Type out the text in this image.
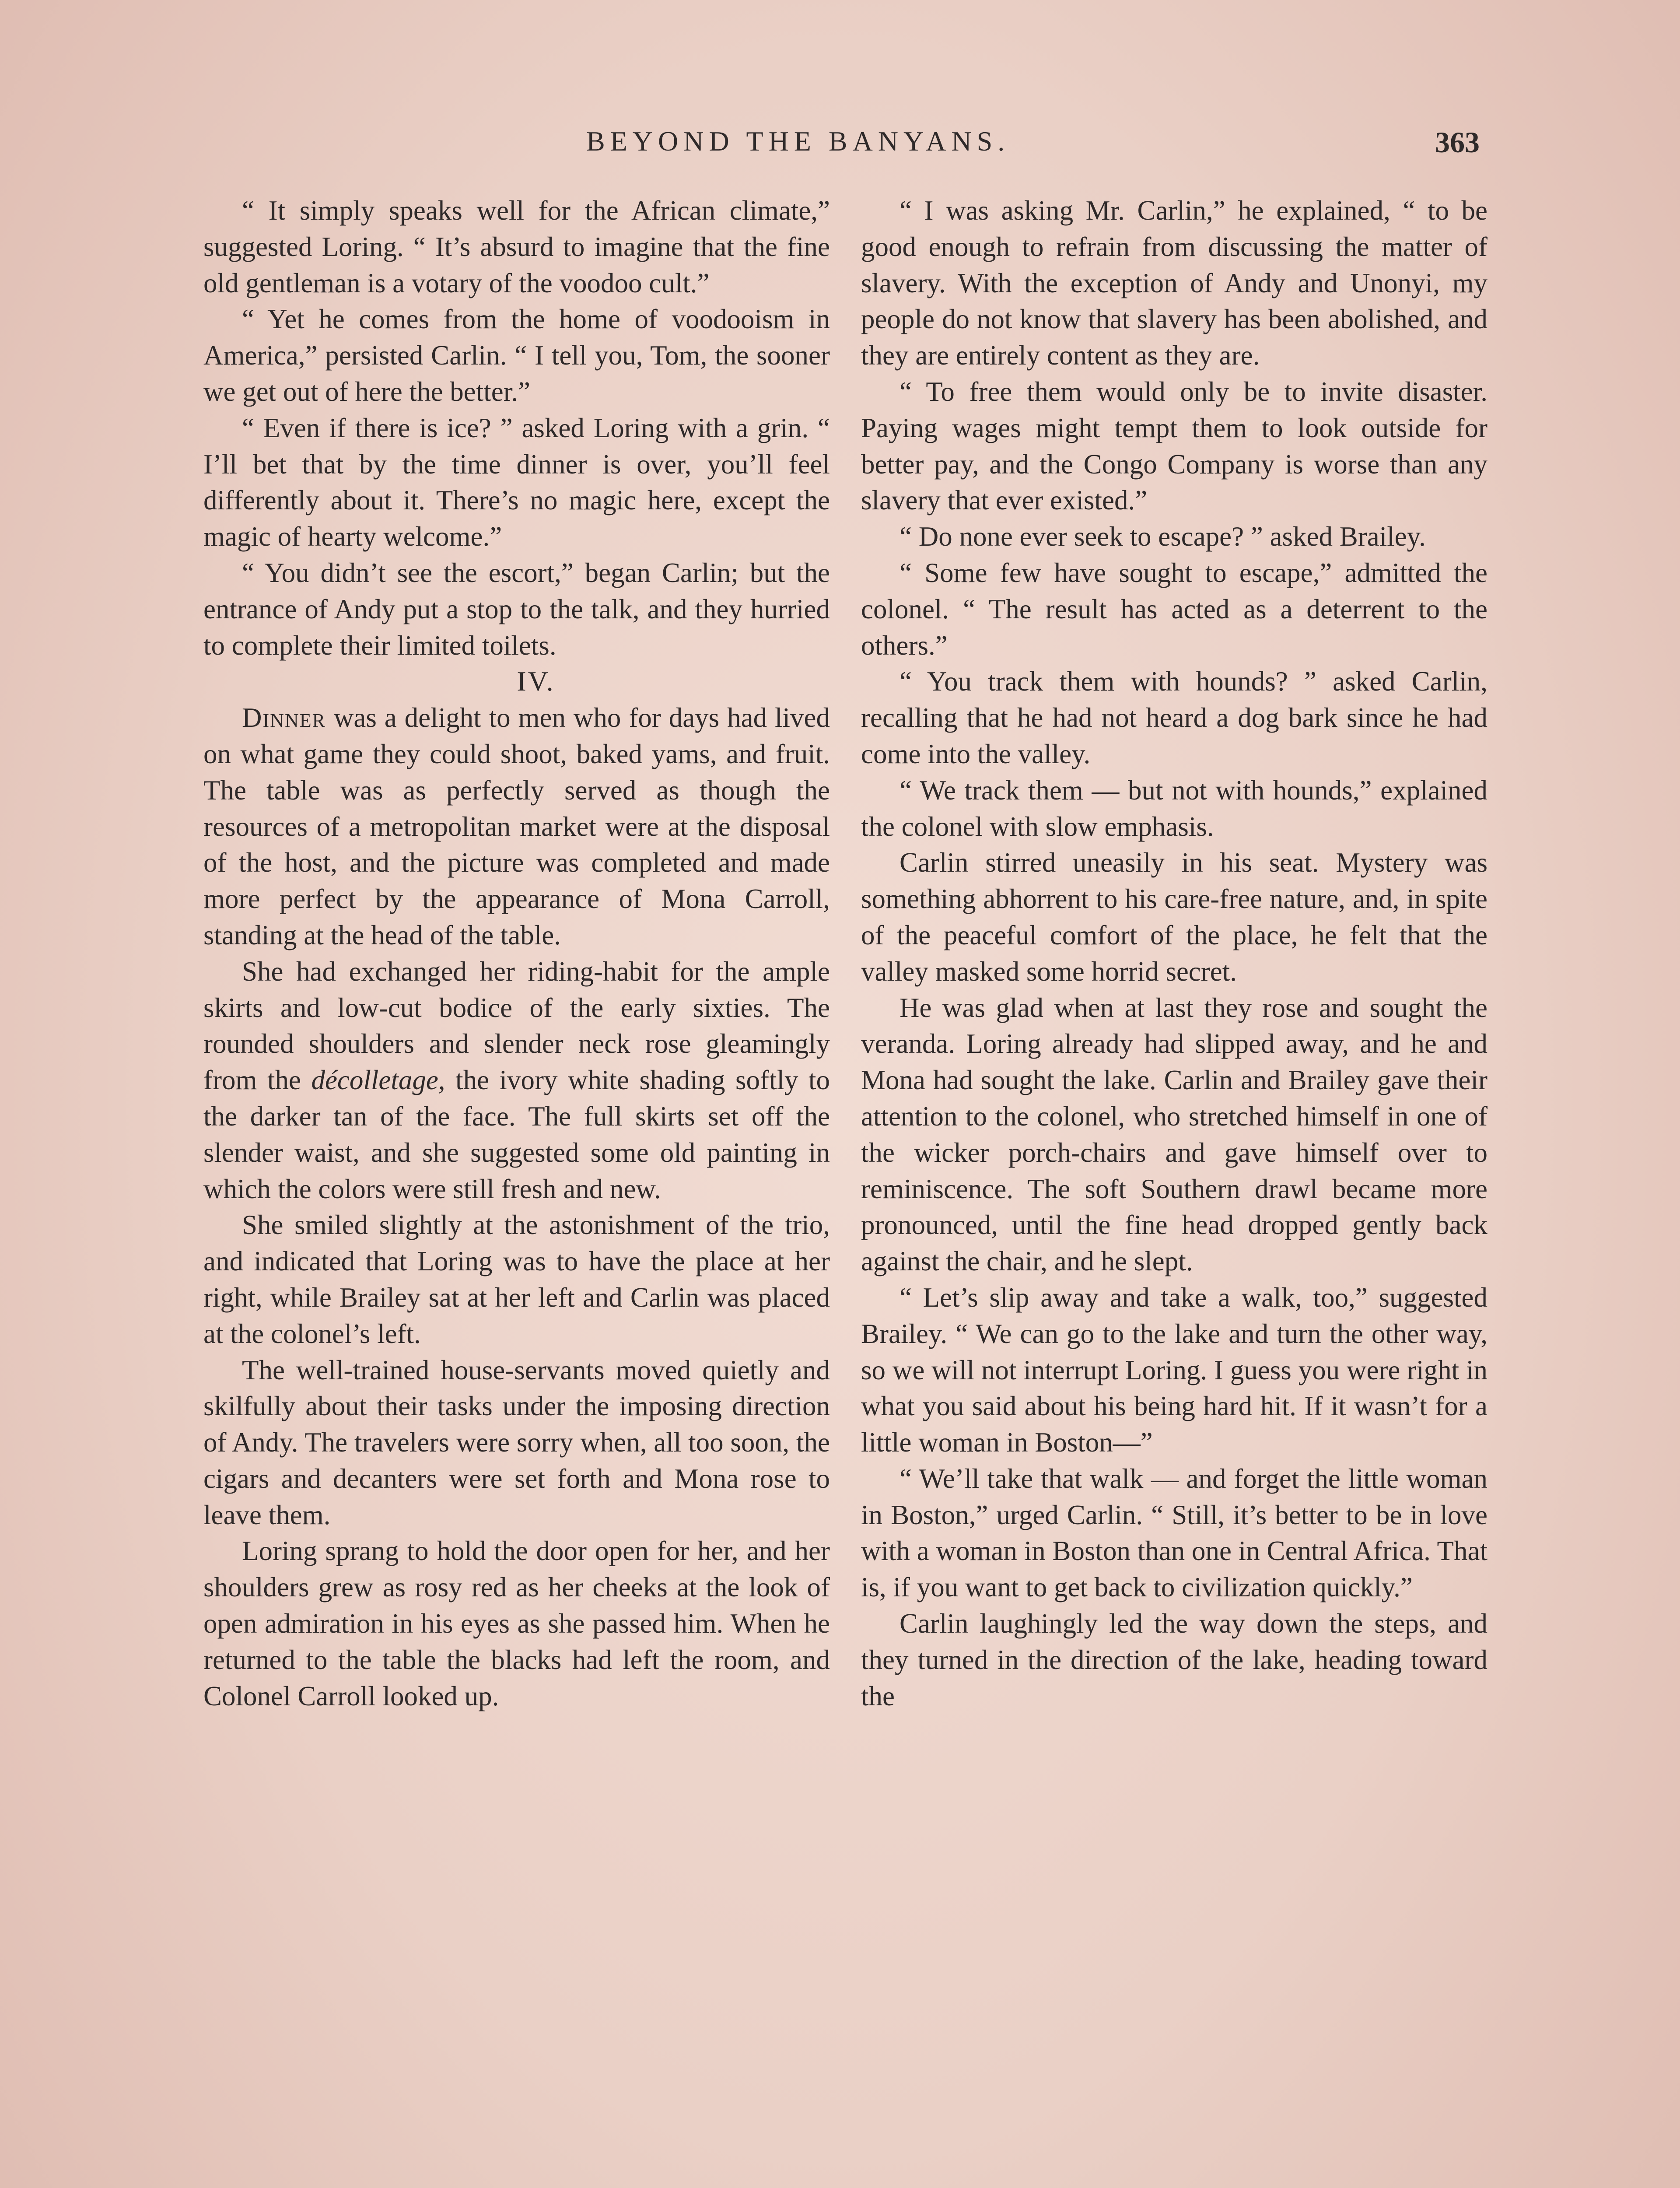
BEYOND THE BANYANS.	363

“ It simply speaks well for the African climate,” suggested Loring. “ It’s absurd to imagine that the fine old gentleman is a votary of the voodoo cult.”

“ Yet he comes from the home of voodooism in America,” persisted Carlin. “ I tell you, Tom, the sooner we get out of here the better.”

“ Even if there is ice? ” asked Loring with a grin. “ I’ll bet that by the time dinner is over, you’ll feel differently about it. There’s no magic here, except the magic of hearty welcome.”

“ You didn’t see the escort,” began Carlin; but the entrance of Andy put a stop to the talk, and they hurried to complete their limited toilets.

IV.

Dinner was a delight to men who for days had lived on what game they could shoot, baked yams, and fruit. The table was as perfectly served as though the resources of a metropolitan market were at the disposal of the host, and the picture was completed and made more perfect by the appearance of Mona Carroll, standing at the head of the table.

She had exchanged her riding-habit for the ample skirts and low-cut bodice of the early sixties. The rounded shoulders and slender neck rose gleamingly from the décolletage, the ivory white shading softly to the darker tan of the face. The full skirts set off the slender waist, and she suggested some old painting in which the colors were still fresh and new.

She smiled slightly at the astonishment of the trio, and indicated that Loring was to have the place at her right, while Brailey sat at her left and Carlin was placed at the colonel’s left.

The well-trained house-servants moved quietly and skilfully about their tasks under the imposing direction of Andy. The travelers were sorry when, all too soon, the cigars and decanters were set forth and Mona rose to leave them.

Loring sprang to hold the door open for her, and her shoulders grew as rosy red as her cheeks at the look of open admiration in his eyes as she passed him. When he returned to the table the blacks had left the room, and Colonel Carroll looked up.

“ I was asking Mr. Carlin,” he explained, “ to be good enough to refrain from discussing the matter of slavery. With the exception of Andy and Unonyi, my people do not know that slavery has been abolished, and they are entirely content as they are.

“ To free them would only be to invite disaster. Paying wages might tempt them to look outside for better pay, and the Congo Company is worse than any slavery that ever existed.”

“ Do none ever seek to escape? ” asked Brailey.

“ Some few have sought to escape,” admitted the colonel. “ The result has acted as a deterrent to the others.”

“ You track them with hounds? ” asked Carlin, recalling that he had not heard a dog bark since he had come into the valley.

“ We track them — but not with hounds,” explained the colonel with slow emphasis.

Carlin stirred uneasily in his seat. Mystery was something abhorrent to his care-free nature, and, in spite of the peaceful comfort of the place, he felt that the valley masked some horrid secret.

He was glad when at last they rose and sought the veranda. Loring already had slipped away, and he and Mona had sought the lake. Carlin and Brailey gave their attention to the colonel, who stretched himself in one of the wicker porch-chairs and gave himself over to reminiscence. The soft Southern drawl became more pronounced, until the fine head dropped gently back against the chair, and he slept.

“ Let’s slip away and take a walk, too,” suggested Brailey. “ We can go to the lake and turn the other way, so we will not interrupt Loring. I guess you were right in what you said about his being hard hit. If it wasn’t for a little woman in Boston—”

“ We’ll take that walk — and forget the little woman in Boston,” urged Carlin. “ Still, it’s better to be in love with a woman in Boston than one in Central Africa. That is, if you want to get back to civilization quickly.”

Carlin laughingly led the way down the steps, and they turned in the direction of the lake, heading toward the
